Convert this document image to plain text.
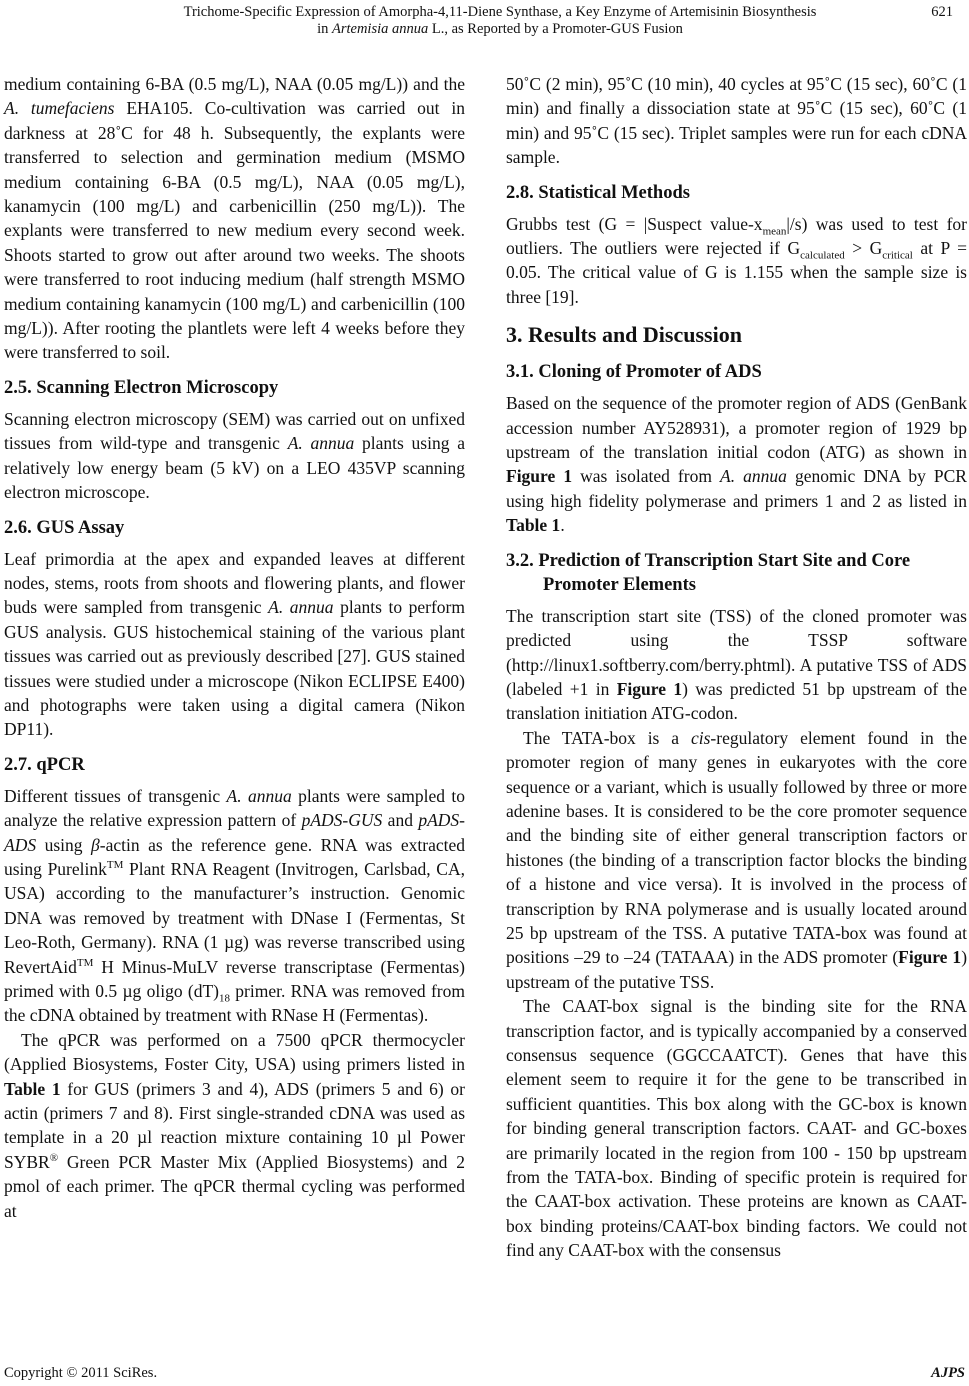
Trichome-Specific Expression of Amorpha-4,11-Diene Synthase, a Key Enzyme of Artemisinin Biosynthesis
in Artemisia annua L., as Reported by a Promoter-GUS Fusion
621

medium containing 6-BA (0.5 mg/L), NAA (0.05 mg/L)) and the A. tumefaciens EHA105. Co-cultivation was carried out in darkness at 28˚C for 48 h. Subsequently, the explants were transferred to selection and germination medium (MSMO medium containing 6-BA (0.5 mg/L), NAA (0.05 mg/L), kanamycin (100 mg/L) and carbenicillin (250 mg/L)). The explants were transferred to new medium every second week. Shoots started to grow out after around two weeks. The shoots were transferred to root inducing medium (half strength MSMO medium containing kanamycin (100 mg/L) and carbenicillin (100 mg/L)). After rooting the plantlets were left 4 weeks before they were transferred to soil.

2.5. Scanning Electron Microscopy

Scanning electron microscopy (SEM) was carried out on unfixed tissues from wild-type and transgenic A. annua plants using a relatively low energy beam (5 kV) on a LEO 435VP scanning electron microscope.

2.6. GUS Assay

Leaf primordia at the apex and expanded leaves at different nodes, stems, roots from shoots and flowering plants, and flower buds were sampled from transgenic A. annua plants to perform GUS analysis. GUS histochemical staining of the various plant tissues was carried out as previously described [27]. GUS stained tissues were studied under a microscope (Nikon ECLIPSE E400) and photographs were taken using a digital camera (Nikon DP11).

2.7. qPCR

Different tissues of transgenic A. annua plants were sampled to analyze the relative expression pattern of pADS-GUS and pADS-ADS using β-actin as the reference gene. RNA was extracted using Purelink™ Plant RNA Reagent (Invitrogen, Carlsbad, CA, USA) according to the manufacturer’s instruction. Genomic DNA was removed by treatment with DNase I (Fermentas, St Leo-Roth, Germany). RNA (1 µg) was reverse transcribed using RevertAid™ H Minus-MuLV reverse transcriptase (Fermentas) primed with 0.5 µg oligo $(dT)_{18}$ primer. RNA was removed from the cDNA obtained by treatment with RNase H (Fermentas).

The qPCR was performed on a 7500 qPCR thermocycler (Applied Biosystems, Foster City, USA) using primers listed in Table 1 for GUS (primers 3 and 4), ADS (primers 5 and 6) or actin (primers 7 and 8). First single-stranded cDNA was used as template in a 20 µl reaction mixture containing 10 µl Power SYBR® Green PCR Master Mix (Applied Biosystems) and 2 pmol of each primer. The qPCR thermal cycling was performed at

50˚C (2 min), 95˚C (10 min), 40 cycles at 95˚C (15 sec), 60˚C (1 min) and finally a dissociation state at 95˚C (15 sec), 60˚C (1 min) and 95˚C (15 sec). Triplet samples were run for each cDNA sample.

2.8. Statistical Methods

Grubbs test (G = |Suspect value-$x_{mean}|/s$) was used to test for outliers. The outliers were rejected if $G_{calculated} > G_{critical}$ at P = 0.05. The critical value of G is 1.155 when the sample size is three [19].

3. Results and Discussion
3.1. Cloning of Promoter of ADS

Based on the sequence of the promoter region of ADS (GenBank accession number AY528931), a promoter region of 1929 bp upstream of the translation initial codon (ATG) as shown in Figure 1 was isolated from A. annua genomic DNA by PCR using high fidelity polymerase and primers 1 and 2 as listed in Table 1.

3.2. Prediction of Transcription Start Site and Core Promoter Elements

The transcription start site (TSS) of the cloned promoter was predicted using the TSSP software (http://linux1.softberry.com/berry.phtml). A putative TSS of ADS (labeled +1 in Figure 1) was predicted 51 bp upstream of the translation initiation ATG-codon.

The TATA-box is a cis-regulatory element found in the promoter region of many genes in eukaryotes with the core sequence or a variant, which is usually followed by three or more adenine bases. It is considered to be the core promoter sequence and the binding site of either general transcription factors or histones (the binding of a transcription factor blocks the binding of a histone and vice versa). It is involved in the process of transcription by RNA polymerase and is usually located around 25 bp upstream of the TSS. A putative TATA-box was found at positions –29 to –24 (TATAAA) in the ADS promoter (Figure 1) upstream of the putative TSS.

The CAAT-box signal is the binding site for the RNA transcription factor, and is typically accompanied by a conserved consensus sequence (GGCCAATCT). Genes that have this element seem to require it for the gene to be transcribed in sufficient quantities. This box along with the GC-box is known for binding general transcription factors. CAAT- and GC-boxes are primarily located in the region from 100 - 150 bp upstream from the TATA-box. Binding of specific protein is required for the CAAT-box activation. These proteins are known as CAAT-box binding proteins/CAAT-box binding factors. We could not find any CAAT-box with the consensus

Copyright © 2011 SciRes.	AJPS
